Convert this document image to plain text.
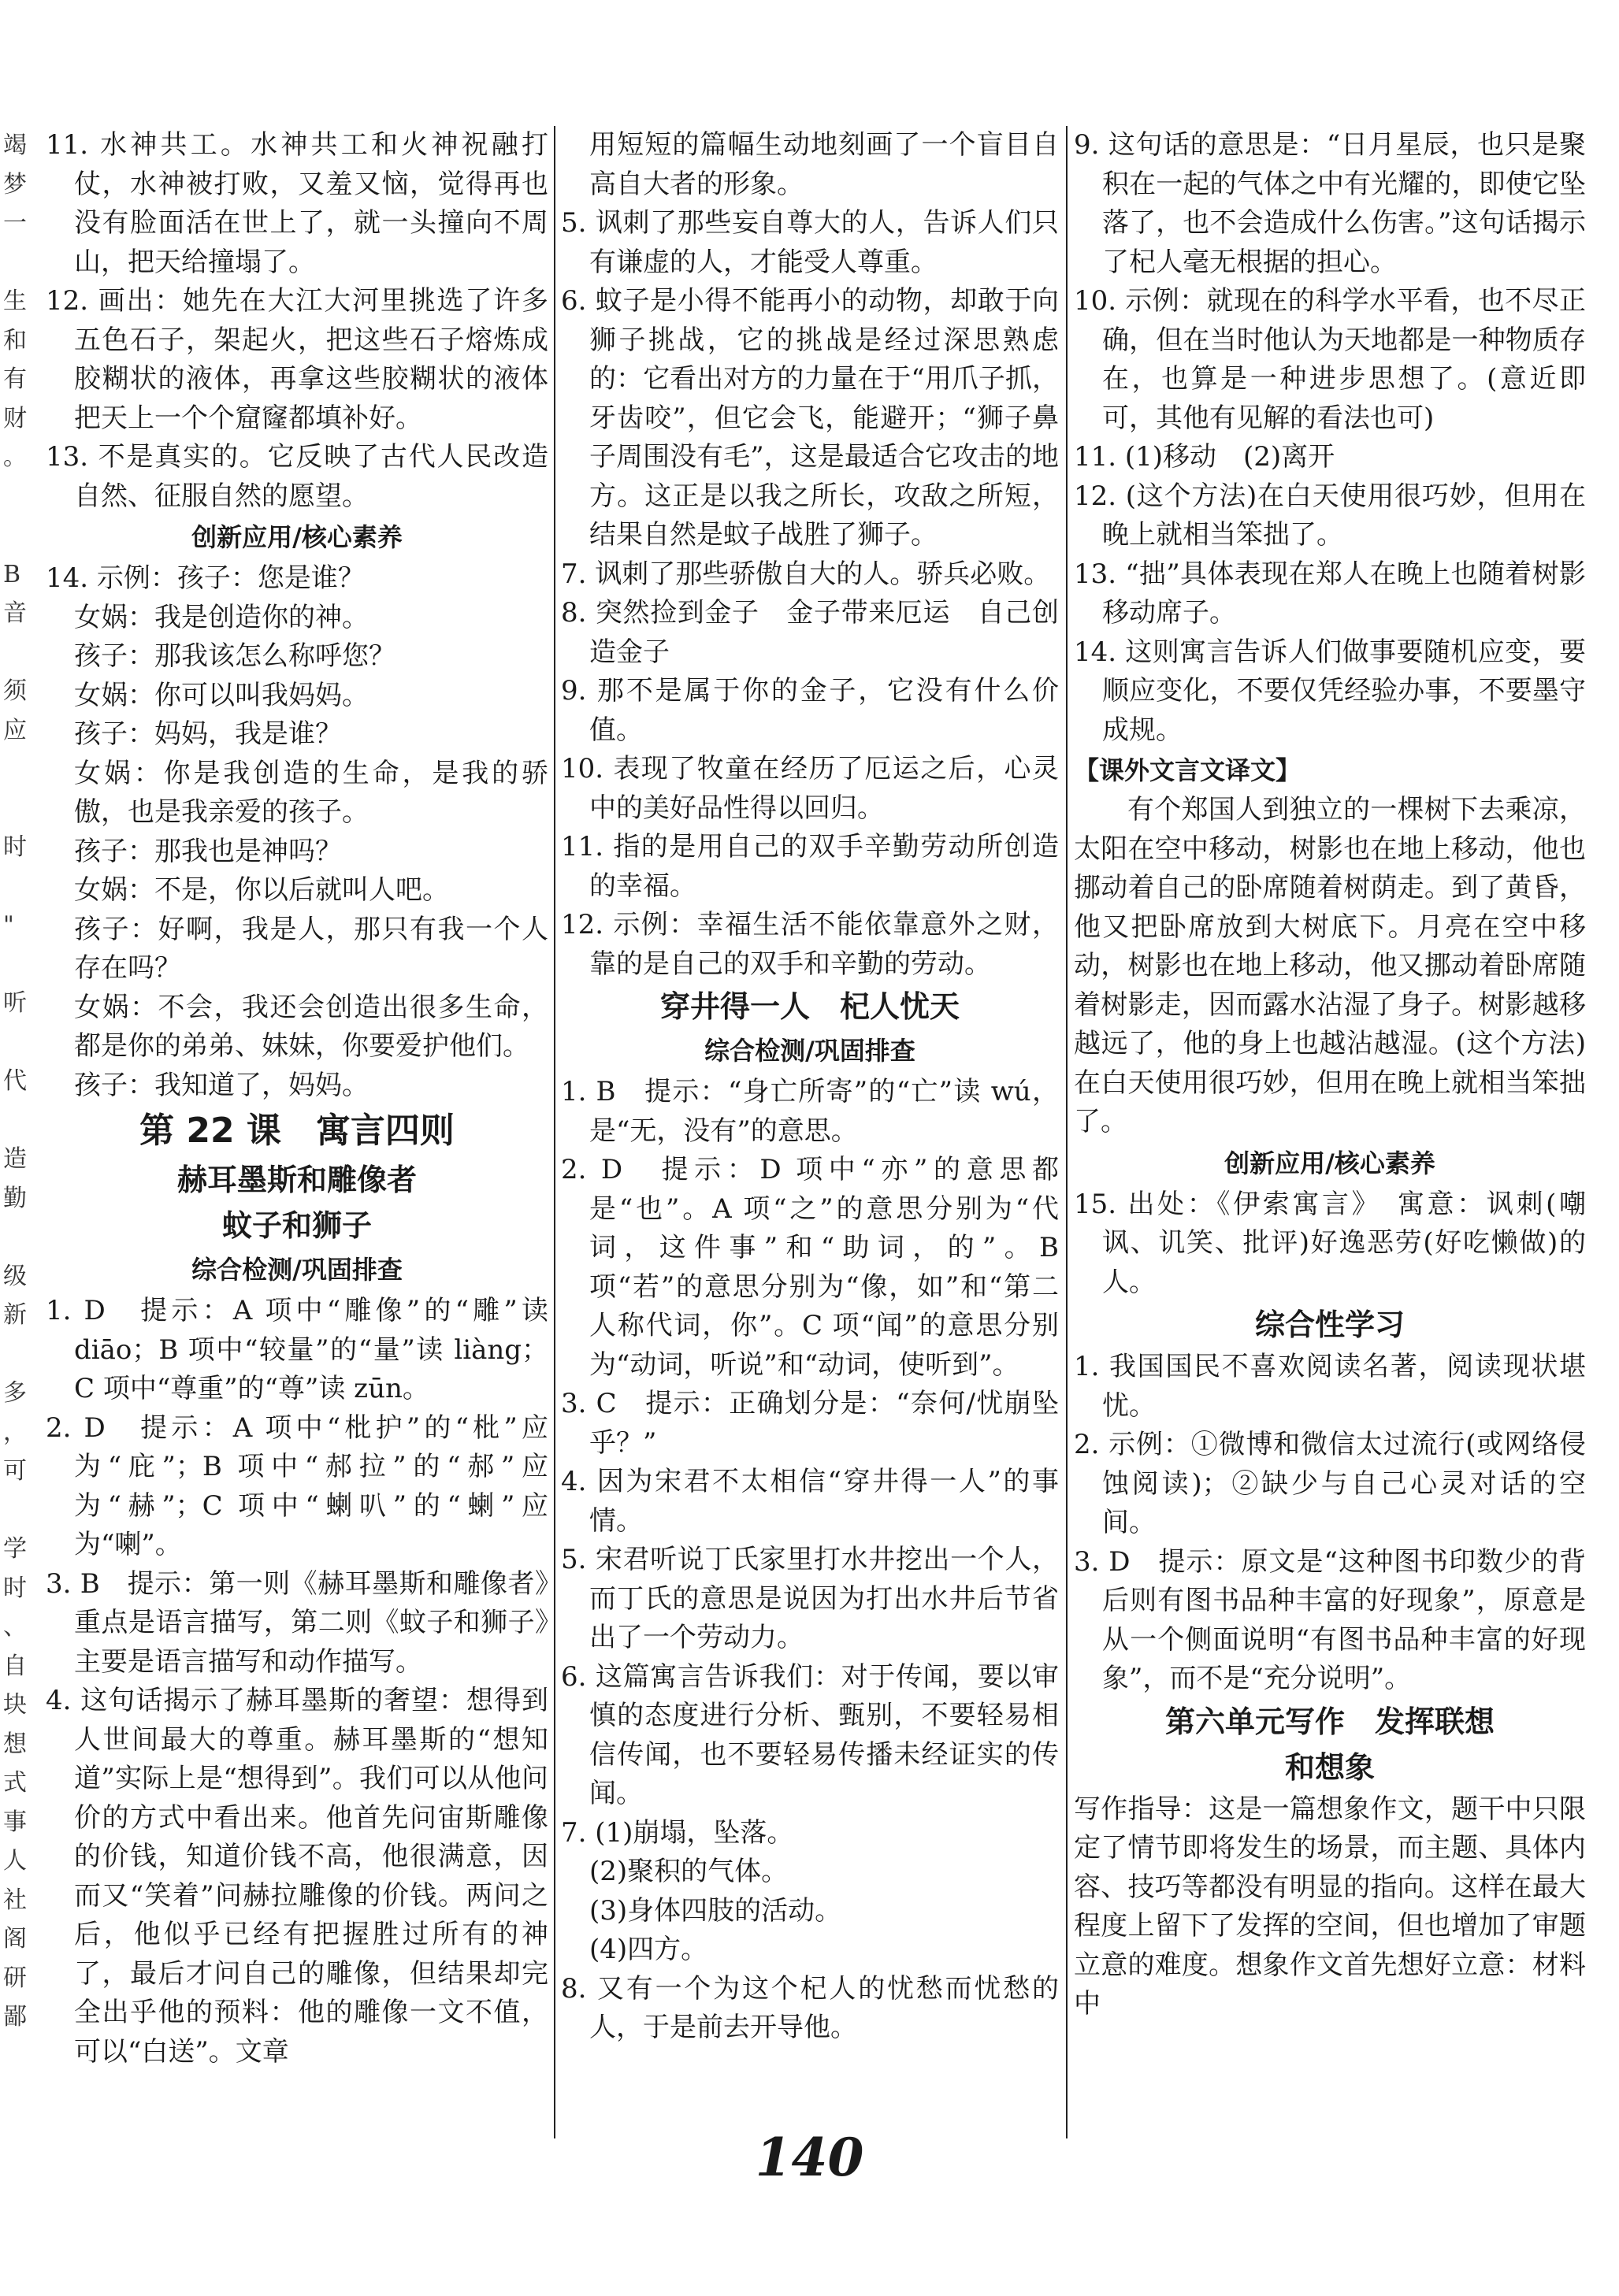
竭
梦
一

生
和
有
财
。

B
音

须
应

时

"

听

代

造
勤

级
新

多
，
可

学
时
、
自
块
想
式
事
人
社
阁
研
鄙
11. 水神共工。水神共工和火神祝融打仗，水神被打败，又羞又恼，觉得再也没有脸面活在世上了，就一头撞向不周山，把天给撞塌了。
12. 画出：她先在大江大河里挑选了许多五色石子，架起火，把这些石子熔炼成胶糊状的液体，再拿这些胶糊状的液体把天上一个个窟窿都填补好。
13. 不是真实的。它反映了古代人民改造自然、征服自然的愿望。
创新应用/核心素养
14. 示例：孩子：您是谁？
女娲：我是创造你的神。
孩子：那我该怎么称呼您？
女娲：你可以叫我妈妈。
孩子：妈妈，我是谁？
女娲：你是我创造的生命，是我的骄傲，也是我亲爱的孩子。
孩子：那我也是神吗？
女娲：不是，你以后就叫人吧。
孩子：好啊，我是人，那只有我一个人存在吗？
女娲：不会，我还会创造出很多生命，都是你的弟弟、妹妹，你要爱护他们。
孩子：我知道了，妈妈。
第 22 课　寓言四则
赫耳墨斯和雕像者
蚊子和狮子
综合检测/巩固排查
1. D　提示：A 项中“雕像”的“雕”读 diāo；B 项中“较量”的“量”读 liàng；C 项中“尊重”的“尊”读 zūn。
2. D　提示：A 项中“枇护”的“枇”应为“庇”；B 项中“郝拉”的“郝”应为“赫”；C 项中“蝲叭”的“蝲”应为“喇”。
3. B　提示：第一则《赫耳墨斯和雕像者》重点是语言描写，第二则《蚊子和狮子》主要是语言描写和动作描写。
4. 这句话揭示了赫耳墨斯的奢望：想得到人世间最大的尊重。赫耳墨斯的“想知道”实际上是“想得到”。我们可以从他问价的方式中看出来。他首先问宙斯雕像的价钱，知道价钱不高，他很满意，因而又“笑着”问赫拉雕像的价钱。两问之后，他似乎已经有把握胜过所有的神了，最后才问自己的雕像，但结果却完全出乎他的预料：他的雕像一文不值，可以“白送”。文章
用短短的篇幅生动地刻画了一个盲目自高自大者的形象。
5. 讽刺了那些妄自尊大的人，告诉人们只有谦虚的人，才能受人尊重。
6. 蚊子是小得不能再小的动物，却敢于向狮子挑战，它的挑战是经过深思熟虑的：它看出对方的力量在于“用爪子抓，牙齿咬”，但它会飞，能避开；“狮子鼻子周围没有毛”，这是最适合它攻击的地方。这正是以我之所长，攻敌之所短，结果自然是蚊子战胜了狮子。
7. 讽刺了那些骄傲自大的人。骄兵必败。
8. 突然捡到金子　金子带来厄运　自己创造金子
9. 那不是属于你的金子，它没有什么价值。
10. 表现了牧童在经历了厄运之后，心灵中的美好品性得以回归。
11. 指的是用自己的双手辛勤劳动所创造的幸福。
12. 示例：幸福生活不能依靠意外之财，靠的是自己的双手和辛勤的劳动。
穿井得一人　杞人忧天
综合检测/巩固排查
1. B　提示：“身亡所寄”的“亡”读 wú，是“无，没有”的意思。
2. D　提示：D 项中“亦”的意思都是“也”。A 项“之”的意思分别为“代词，这件事”和“助词，的”。B 项“若”的意思分别为“像，如”和“第二人称代词，你”。C 项“闻”的意思分别为“动词，听说”和“动词，使听到”。
3. C　提示：正确划分是：“奈何/忧崩坠乎？”
4. 因为宋君不太相信“穿井得一人”的事情。
5. 宋君听说丁氏家里打水井挖出一个人，而丁氏的意思是说因为打出水井后节省出了一个劳动力。
6. 这篇寓言告诉我们：对于传闻，要以审慎的态度进行分析、甄别，不要轻易相信传闻，也不要轻易传播未经证实的传闻。
7. (1)崩塌，坠落。
(2)聚积的气体。
(3)身体四肢的活动。
(4)四方。
8. 又有一个为这个杞人的忧愁而忧愁的人，于是前去开导他。
9. 这句话的意思是：“日月星辰，也只是聚积在一起的气体之中有光耀的，即使它坠落了，也不会造成什么伤害。”这句话揭示了杞人毫无根据的担心。
10. 示例：就现在的科学水平看，也不尽正确，但在当时他认为天地都是一种物质存在，也算是一种进步思想了。(意近即可，其他有见解的看法也可)
11. (1)移动　(2)离开
12. (这个方法)在白天使用很巧妙，但用在晚上就相当笨拙了。
13. “拙”具体表现在郑人在晚上也随着树影移动席子。
14. 这则寓言告诉人们做事要随机应变，要顺应变化，不要仅凭经验办事，不要墨守成规。
【课外文言文译文】
有个郑国人到独立的一棵树下去乘凉，太阳在空中移动，树影也在地上移动，他也挪动着自己的卧席随着树荫走。到了黄昏，他又把卧席放到大树底下。月亮在空中移动，树影也在地上移动，他又挪动着卧席随着树影走，因而露水沾湿了身子。树影越移越远了，他的身上也越沾越湿。(这个方法)在白天使用很巧妙，但用在晚上就相当笨拙了。
创新应用/核心素养
15. 出处：《伊索寓言》　寓意：讽刺(嘲讽、讥笑、批评)好逸恶劳(好吃懒做)的人。
综合性学习
1. 我国国民不喜欢阅读名著，阅读现状堪忧。
2. 示例：①微博和微信太过流行(或网络侵蚀阅读)；②缺少与自己心灵对话的空间。
3. D　提示：原文是“这种图书印数少的背后则有图书品种丰富的好现象”，原意是从一个侧面说明“有图书品种丰富的好现象”，而不是“充分说明”。
第六单元写作　发挥联想
和想象
写作指导：这是一篇想象作文，题干中只限定了情节即将发生的场景，而主题、具体内容、技巧等都没有明显的指向。这样在最大程度上留下了发挥的空间，但也增加了审题立意的难度。想象作文首先想好立意：材料中
140
